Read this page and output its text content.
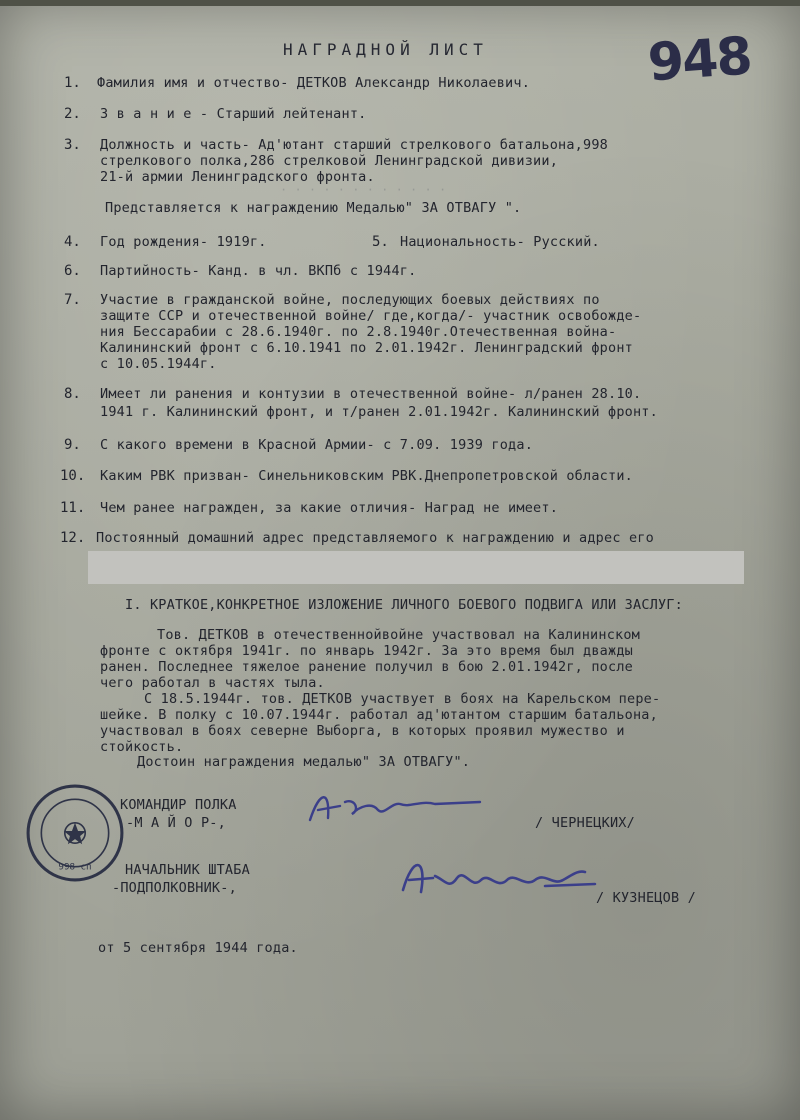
НАГРАДНОЙ ЛИСТ	948
1. Фамилия имя и отчество- ДЕТКОВ Александр Николаевич.
2. З в а н и е - Старший лейтенант.
3. Должность и часть- Ад'ютант старший стрелкового батальона,998
стрелкового полка,286 стрелковой Ленинградской дивизии,
21-й армии Ленинградского фронта.
· · · · · · · · · · · ·
Представляется к награждению Медалью" ЗА ОТВАГУ ".
4. Год рождения- 1919г.	5. Национальность- Русский.
6. Партийность- Канд. в чл. ВКПб с 1944г.
7. Участие в гражданской войне, последующих боевых действиях по
защите ССР и отечественной войне/ где,когда/- участник освобожде-
ния Бессарабии с 28.6.1940г. по 2.8.1940г.Отечественная война-
Калининский фронт с 6.10.1941 по 2.01.1942г. Ленинградский фронт
с 10.05.1944г.
8. Имеет ли ранения и контузии в отечественной войне- л/ранен 28.10.
1941 г. Калининский фронт, и т/ранен 2.01.1942г. Калининский фронт.
9. С какого времени в Красной Армии- с 7.09. 1939 года.
10. Каким РВК призван- Синельниковским РВК.Днепропетровской области.
11. Чем ранее награжден, за какие отличия- Наград не имеет.
12. Постоянный домашний адрес представляемого к награждению и адрес его
I. КРАТКОЕ,КОНКРЕТНОЕ ИЗЛОЖЕНИЕ ЛИЧНОГО БОЕВОГО ПОДВИГА ИЛИ ЗАСЛУГ:
Тов. ДЕТКОВ в отечественнойвойне участвовал на Калининском
фронте с октября 1941г. по январь 1942г. За это время был дважды
ранен. Последнее тяжелое ранение получил в бою 2.01.1942г, после
чего работал в частях тыла.
С 18.5.1944г. тов. ДЕТКОВ участвует в боях на Карельском пере-
шейке. В полку с 10.07.1944г. работал ад'ютантом старшим батальона,
участвовал в боях северне Выборга, в которых проявил мужество и
стойкость.
Достоин награждения медалью" ЗА ОТВАГУ".
КОМАНДИР ПОЛКА
-М А Й О Р-,	/ ЧЕРНЕЦКИХ/
НАЧАЛЬНИК ШТАБА
-ПОДПОЛКОВНИК-,
/ КУЗНЕЦОВ /
от 5 сентября 1944 года.
998 сп
